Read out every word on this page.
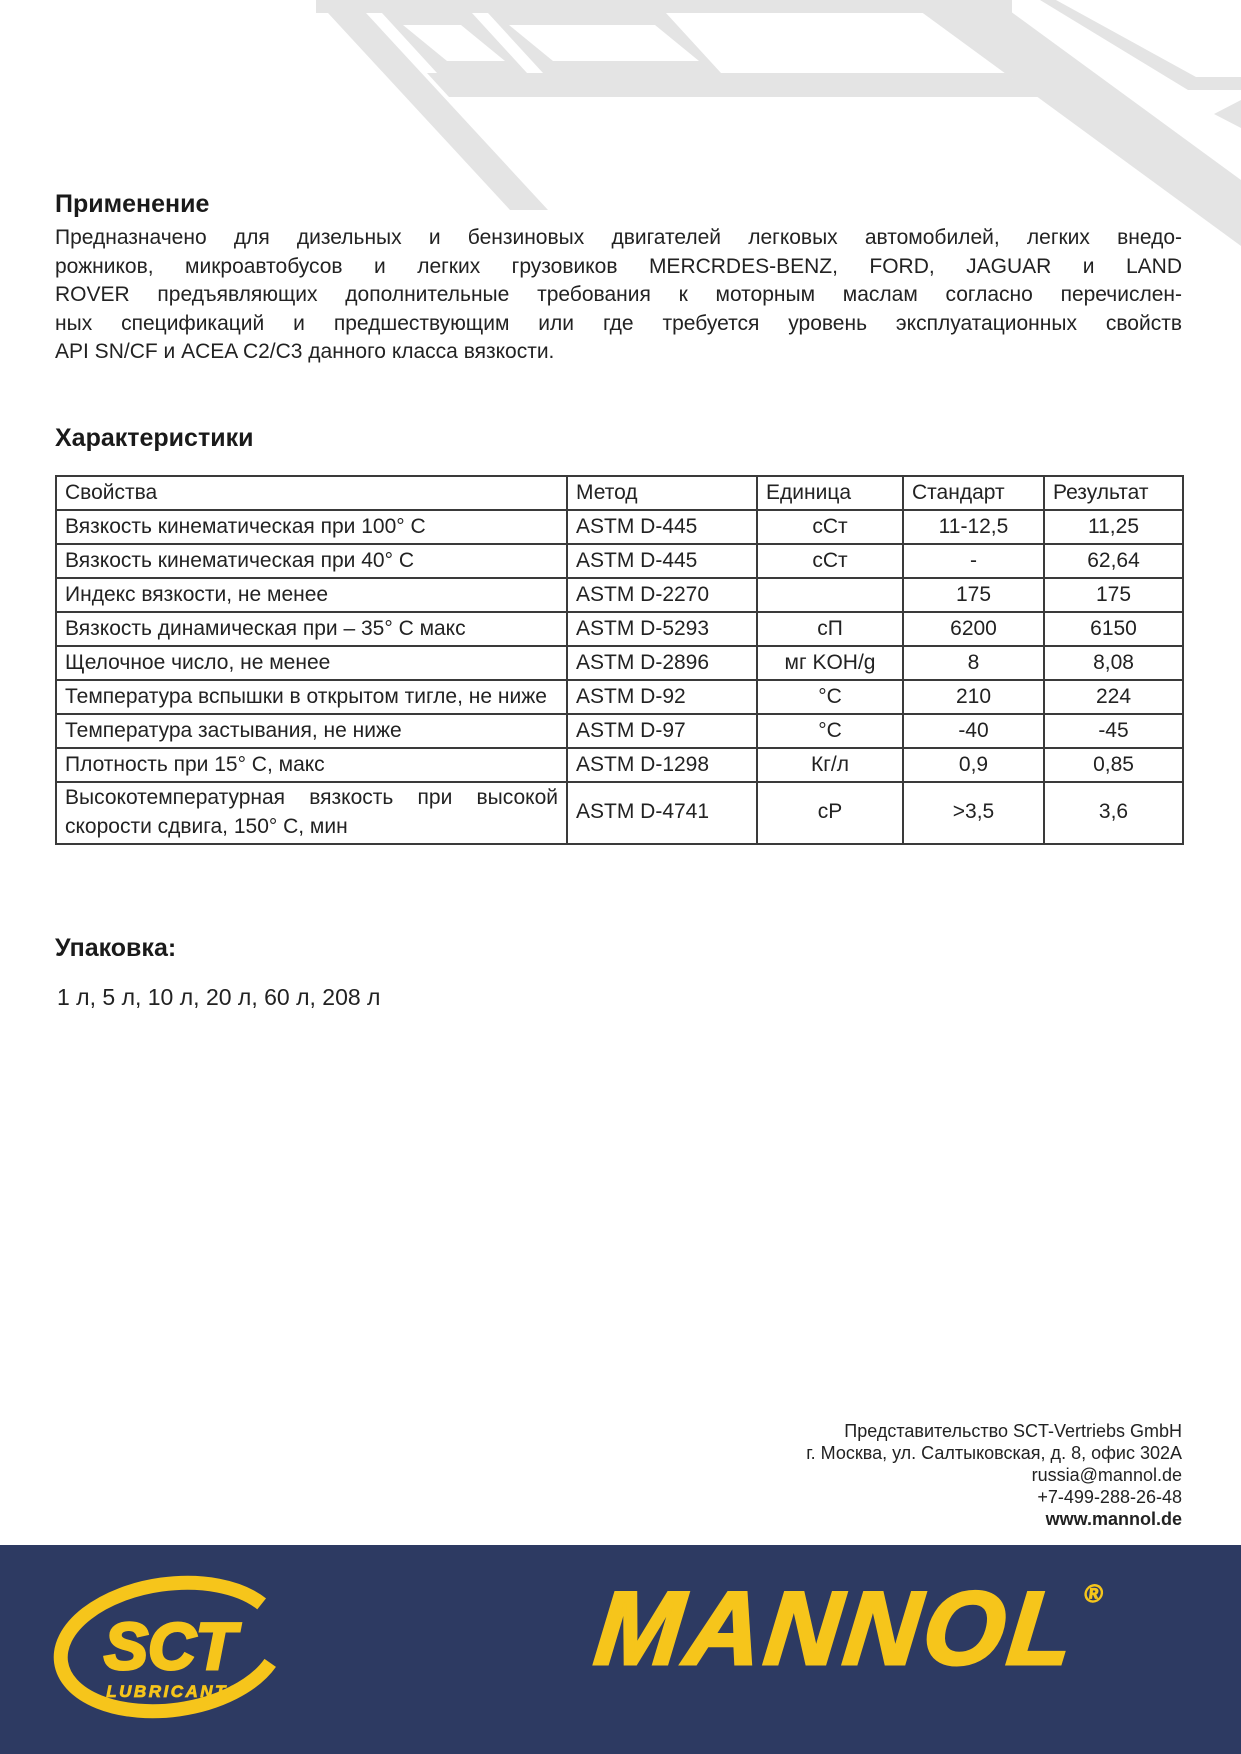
Применение
Предназначено для дизельных и бензиновых двигателей легковых автомобилей, легких внедо-
рожников, микроавтобусов и легких грузовиков MERCRDES-BENZ, FORD, JAGUAR и LAND
ROVER предъявляющих дополнительные требования к моторным маслам согласно перечислен-
ных спецификаций и предшествующим или где требуется уровень эксплуатационных свойств
API SN/CF и ACEA C2/C3 данного класса вязкости.
Характеристики
Свойства	Метод	Единица	Стандарт	Результат
Вязкость кинематическая при 100° C	ASTM D-445	сСт	11-12,5	11,25
Вязкость кинематическая при 40° C	ASTM D-445	сСт	-	62,64
Индекс вязкости, не менее	ASTM D-2270		175	175
Вязкость динамическая при – 35° C макс	ASTM D-5293	сП	6200	6150
Щелочное число, не менее	ASTM D-2896	мг KOH/g	8	8,08
Температура вспышки в открытом тигле, не ниже	ASTM D-92	°C	210	224
Температура застывания, не ниже	ASTM D-97	°C	-40	-45
Плотность при 15° C, макс	ASTM D-1298	Кг/л	0,9	0,85
Высокотемпературная вязкость при высокой скорости сдвига, 150° C, мин	ASTM D-4741	сP	>3,5	3,6
Упаковка:
1 л, 5 л, 10 л, 20 л, 60 л, 208 л
Представительство SCT-Vertriebs GmbH
г. Москва, ул. Салтыковская, д. 8, офис 302А
russia@mannol.de
+7-499-288-26-48
www.mannol.de
SCT
LUBRICANTS
MANNOL®
